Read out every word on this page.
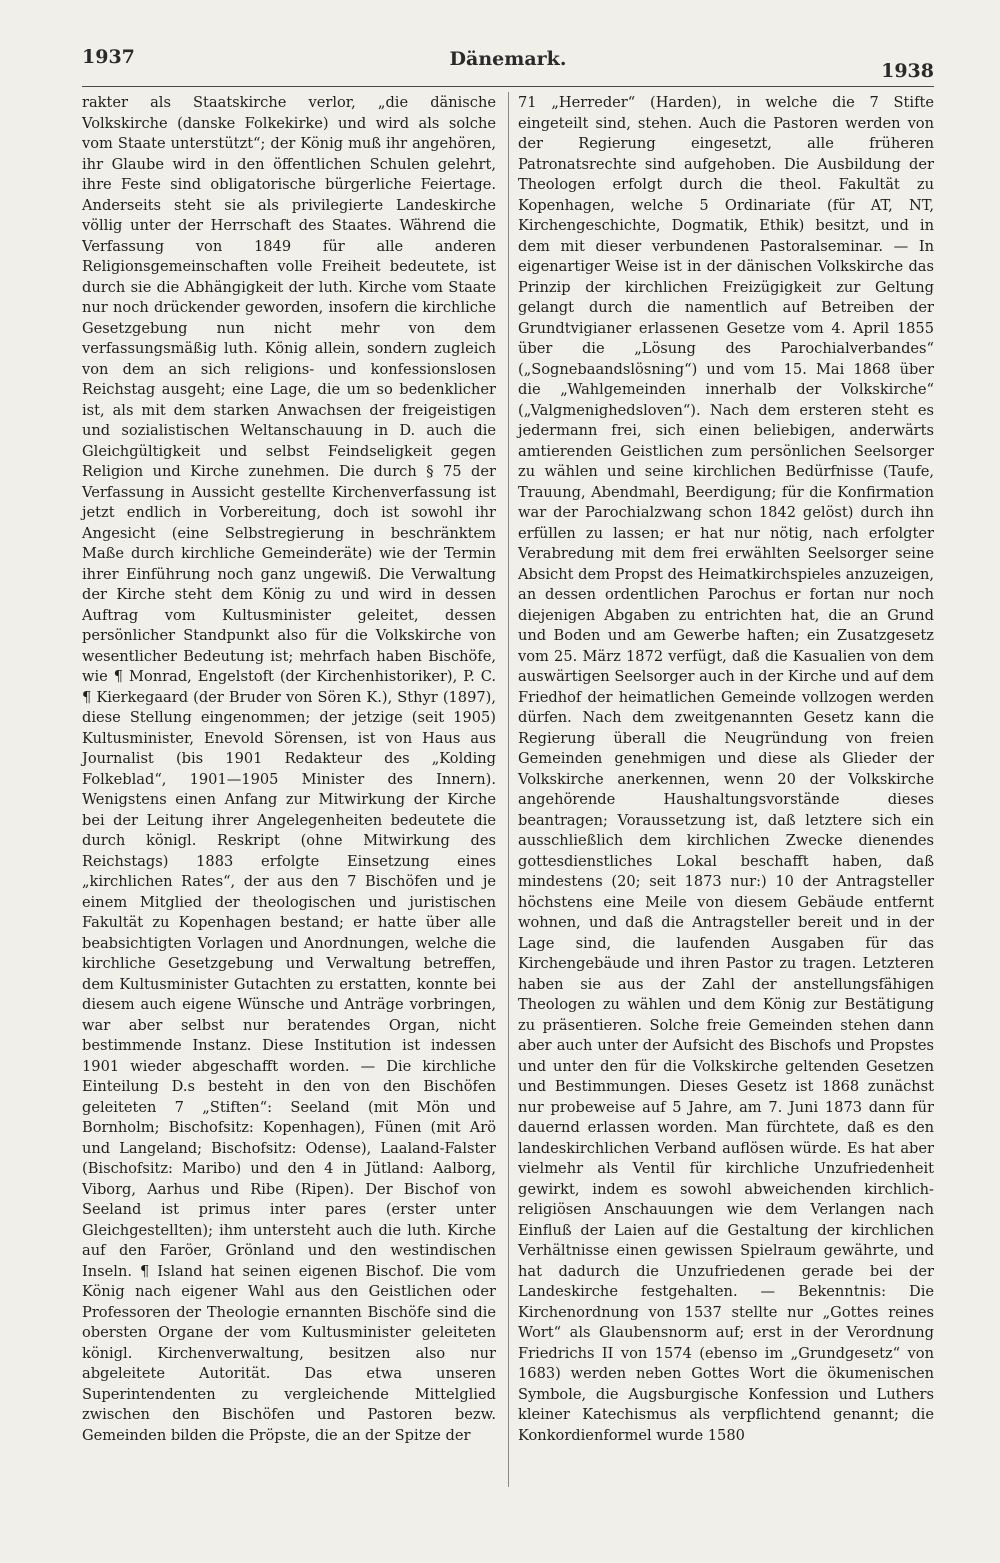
1937	Dänemark.
1938

rakter als Staatskirche verlor, „die dänische Volkskirche (danske Folkekirke) und wird als solche vom Staate unterstützt“; der König muß ihr angehören, ihr Glaube wird in den öffentlichen Schulen gelehrt, ihre Feste sind obligatorische bürgerliche Feiertage. Anderseits steht sie als privilegierte Landeskirche völlig unter der Herrschaft des Staates. Während die Verfassung von 1849 für alle anderen Religionsgemeinschaften volle Freiheit bedeutete, ist durch sie die Abhängigkeit der luth. Kirche vom Staate nur noch drückender geworden, insofern die kirchliche Gesetzgebung nun nicht mehr von dem verfassungsmäßig luth. König allein, sondern zugleich von dem an sich religions- und konfessionslosen Reichstag ausgeht; eine Lage, die um so bedenklicher ist, als mit dem starken Anwachsen der freigeistigen und sozialistischen Weltanschauung in D. auch die Gleichgültigkeit und selbst Feindseligkeit gegen Religion und Kirche zunehmen. Die durch § 75 der Verfassung in Aussicht gestellte Kirchenverfassung ist jetzt endlich in Vorbereitung, doch ist sowohl ihr Angesicht (eine Selbstregierung in beschränktem Maße durch kirchliche Gemeinderäte) wie der Termin ihrer Einführung noch ganz ungewiß. Die Verwaltung der Kirche steht dem König zu und wird in dessen Auftrag vom Kultusminister geleitet, dessen persönlicher Standpunkt also für die Volkskirche von wesentlicher Bedeutung ist; mehrfach haben Bischöfe, wie ¶ Monrad, Engelstoft (der Kirchenhistoriker), P. C. ¶ Kierkegaard (der Bruder von Sören K.), Sthyr (1897), diese Stellung eingenommen; der jetzige (seit 1905) Kultusminister, Enevold Sörensen, ist von Haus aus Journalist (bis 1901 Redakteur des „Kolding Folkeblad“, 1901—1905 Minister des Innern). Wenigstens einen Anfang zur Mitwirkung der Kirche bei der Leitung ihrer Angelegenheiten bedeutete die durch königl. Reskript (ohne Mitwirkung des Reichstags) 1883 erfolgte Einsetzung eines „kirchlichen Rates“, der aus den 7 Bischöfen und je einem Mitglied der theologischen und juristischen Fakultät zu Kopenhagen bestand; er hatte über alle beabsichtigten Vorlagen und Anordnungen, welche die kirchliche Gesetzgebung und Verwaltung betreffen, dem Kultusminister Gutachten zu erstatten, konnte bei diesem auch eigene Wünsche und Anträge vorbringen, war aber selbst nur beratendes Organ, nicht bestimmende Instanz. Diese Institution ist indessen 1901 wieder abgeschafft worden. — Die kirchliche Einteilung D.s besteht in den von den Bischöfen geleiteten 7 „Stiften“: Seeland (mit Mön und Bornholm; Bischofsitz: Kopenhagen), Fünen (mit Arö und Langeland; Bischofsitz: Odense), Laaland-Falster (Bischofsitz: Maribo) und den 4 in Jütland: Aalborg, Viborg, Aarhus und Ribe (Ripen). Der Bischof von Seeland ist primus inter pares (erster unter Gleichgestellten); ihm untersteht auch die luth. Kirche auf den Faröer, Grönland und den westindischen Inseln. ¶ Island hat seinen eigenen Bischof. Die vom König nach eigener Wahl aus den Geistlichen oder Professoren der Theologie ernannten Bischöfe sind die obersten Organe der vom Kultusminister geleiteten königl. Kirchenverwaltung, besitzen also nur abgeleitete Autorität. Das etwa unseren Superintendenten zu vergleichende Mittelglied zwischen den Bischöfen und Pastoren bezw. Gemeinden bilden die Pröpste, die an der Spitze der

71 „Herreder“ (Harden), in welche die 7 Stifte eingeteilt sind, stehen. Auch die Pastoren werden von der Regierung eingesetzt, alle früheren Patronatsrechte sind aufgehoben. Die Ausbildung der Theologen erfolgt durch die theol. Fakultät zu Kopenhagen, welche 5 Ordinariate (für AT, NT, Kirchengeschichte, Dogmatik, Ethik) besitzt, und in dem mit dieser verbundenen Pastoralseminar. — In eigenartiger Weise ist in der dänischen Volkskirche das Prinzip der kirchlichen Freizügigkeit zur Geltung gelangt durch die namentlich auf Betreiben der Grundtvigianer erlassenen Gesetze vom 4. April 1855 über die „Lösung des Parochialverbandes“ („Sognebaandslösning“) und vom 15. Mai 1868 über die „Wahlgemeinden innerhalb der Volkskirche“ („Valgmenighedsloven“). Nach dem ersteren steht es jedermann frei, sich einen beliebigen, anderwärts amtierenden Geistlichen zum persönlichen Seelsorger zu wählen und seine kirchlichen Bedürfnisse (Taufe, Trauung, Abendmahl, Beerdigung; für die Konfirmation war der Parochialzwang schon 1842 gelöst) durch ihn erfüllen zu lassen; er hat nur nötig, nach erfolgter Verabredung mit dem frei erwählten Seelsorger seine Absicht dem Propst des Heimatkirchspieles anzuzeigen, an dessen ordentlichen Parochus er fortan nur noch diejenigen Abgaben zu entrichten hat, die an Grund und Boden und am Gewerbe haften; ein Zusatzgesetz vom 25. März 1872 verfügt, daß die Kasualien von dem auswärtigen Seelsorger auch in der Kirche und auf dem Friedhof der heimatlichen Gemeinde vollzogen werden dürfen. Nach dem zweitgenannten Gesetz kann die Regierung überall die Neugründung von freien Gemeinden genehmigen und diese als Glieder der Volkskirche anerkennen, wenn 20 der Volkskirche angehörende Haushaltungsvorstände dieses beantragen; Voraussetzung ist, daß letztere sich ein ausschließlich dem kirchlichen Zwecke dienendes gottesdienstliches Lokal beschafft haben, daß mindestens (20; seit 1873 nur:) 10 der Antragsteller höchstens eine Meile von diesem Gebäude entfernt wohnen, und daß die Antragsteller bereit und in der Lage sind, die laufenden Ausgaben für das Kirchengebäude und ihren Pastor zu tragen. Letzteren haben sie aus der Zahl der anstellungsfähigen Theologen zu wählen und dem König zur Bestätigung zu präsentieren. Solche freie Gemeinden stehen dann aber auch unter der Aufsicht des Bischofs und Propstes und unter den für die Volkskirche geltenden Gesetzen und Bestimmungen. Dieses Gesetz ist 1868 zunächst nur probeweise auf 5 Jahre, am 7. Juni 1873 dann für dauernd erlassen worden. Man fürchtete, daß es den landeskirchlichen Verband auflösen würde. Es hat aber vielmehr als Ventil für kirchliche Unzufriedenheit gewirkt, indem es sowohl abweichenden kirchlich-religiösen Anschauungen wie dem Verlangen nach Einfluß der Laien auf die Gestaltung der kirchlichen Verhältnisse einen gewissen Spielraum gewährte, und hat dadurch die Unzufriedenen gerade bei der Landeskirche festgehalten. — Bekenntnis: Die Kirchenordnung von 1537 stellte nur „Gottes reines Wort“ als Glaubensnorm auf; erst in der Verordnung Friedrichs II von 1574 (ebenso im „Grundgesetz“ von 1683) werden neben Gottes Wort die ökumenischen Symbole, die Augsburgische Konfession und Luthers kleiner Katechismus als verpflichtend genannt; die Konkordienformel wurde 1580
